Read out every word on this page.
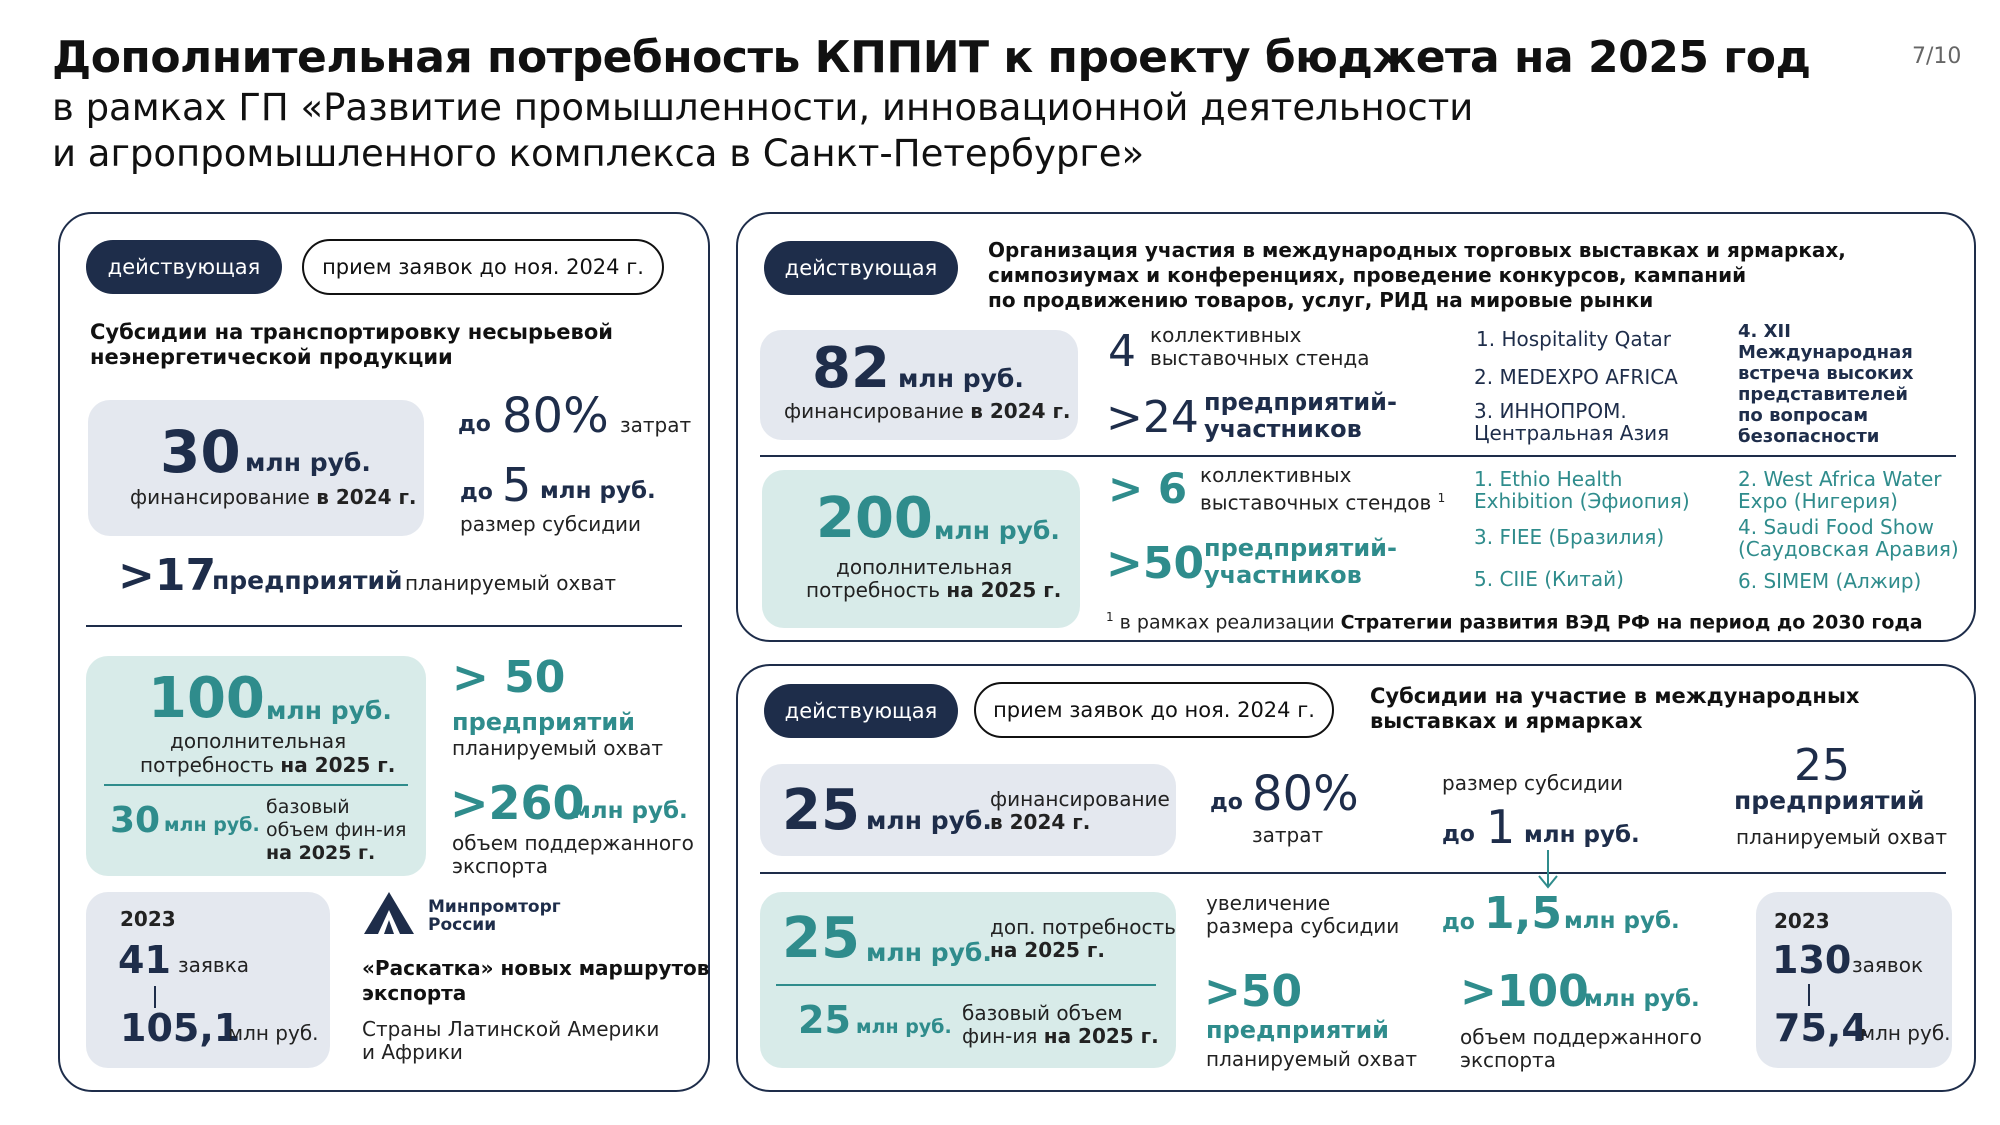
Дополнительная потребность КППИТ к проекту бюджета на 2025 год
в рамках ГП «Развитие промышленности, инновационной деятельности
и агропромышленного комплекса в Санкт-Петербурге»
7/10
действующая	прием заявок до ноя. 2024 г.
Субсидии на транспортировку несырьевой
неэнергетической продукции
30 млн руб.
финансирование в 2024 г.
до 80% затрат
до 5 млн руб.
размер субсидии
>17
предприятий планируемый охват
100 млн руб.
дополнительная
потребность на 2025 г.
30 млн руб.
базовый
объем фин-ия
на 2025 г.
> 50
предприятий
планируемый охват
>260
млн руб.
объем поддержанного
экспорта
2023
41 заявка
105,1
млн руб.
Минпромторг
России
«Раскатка» новых маршрутов
экспорта
Страны Латинской Америки
и Африки
действующая
Организация участия в международных торговых выставках и ярмарках,
симпозиумах и конференциях, проведение конкурсов, кампаний
по продвижению товаров, услуг, РИД на мировые рынки
82 млн руб.
финансирование в 2024 г.
4 коллективных
выставочных стенда
>24 предприятий-
участников
1. Hospitality Qatar
2. MEDEXPO AFRICA
3. ИННОПРОМ.
Центральная Азия
4. XII
Международная
встреча высоких
представителей
по вопросам
безопасности
200 млн руб.
дополнительная
потребность на 2025 г.
> 6 коллективных
выставочных стендов $^1$
>50 предприятий-
участников
1. Ethio Health
Exhibition (Эфиопия)
2. West Africa Water
Expo (Нигерия)
3. FIEE (Бразилия)	4. Saudi Food Show
(Саудовская Аравия)
5. CIIE (Китай)	6. SIMEM (Алжир)
$^1$ в рамках реализации Стратегии развития ВЭД РФ на период до 2030 года
действующая	прием заявок до ноя. 2024 г.
Субсидии на участие в международных
выставках и ярмарках
25 млн руб.
финансирование
в 2024 г.
до 80%
затрат
размер субсидии
до 1 млн руб.
25
предприятий
планируемый охват
25 млн руб.
доп. потребность
на 2025 г.
25 млн руб.
базовый объем
фин-ия на 2025 г.
увеличение
размера субсидии до 1,5 млн руб.
>50
предприятий
планируемый охват
>100
млн руб.
объем поддержанного
экспорта
2023
130 заявок
75,4
млн руб.
